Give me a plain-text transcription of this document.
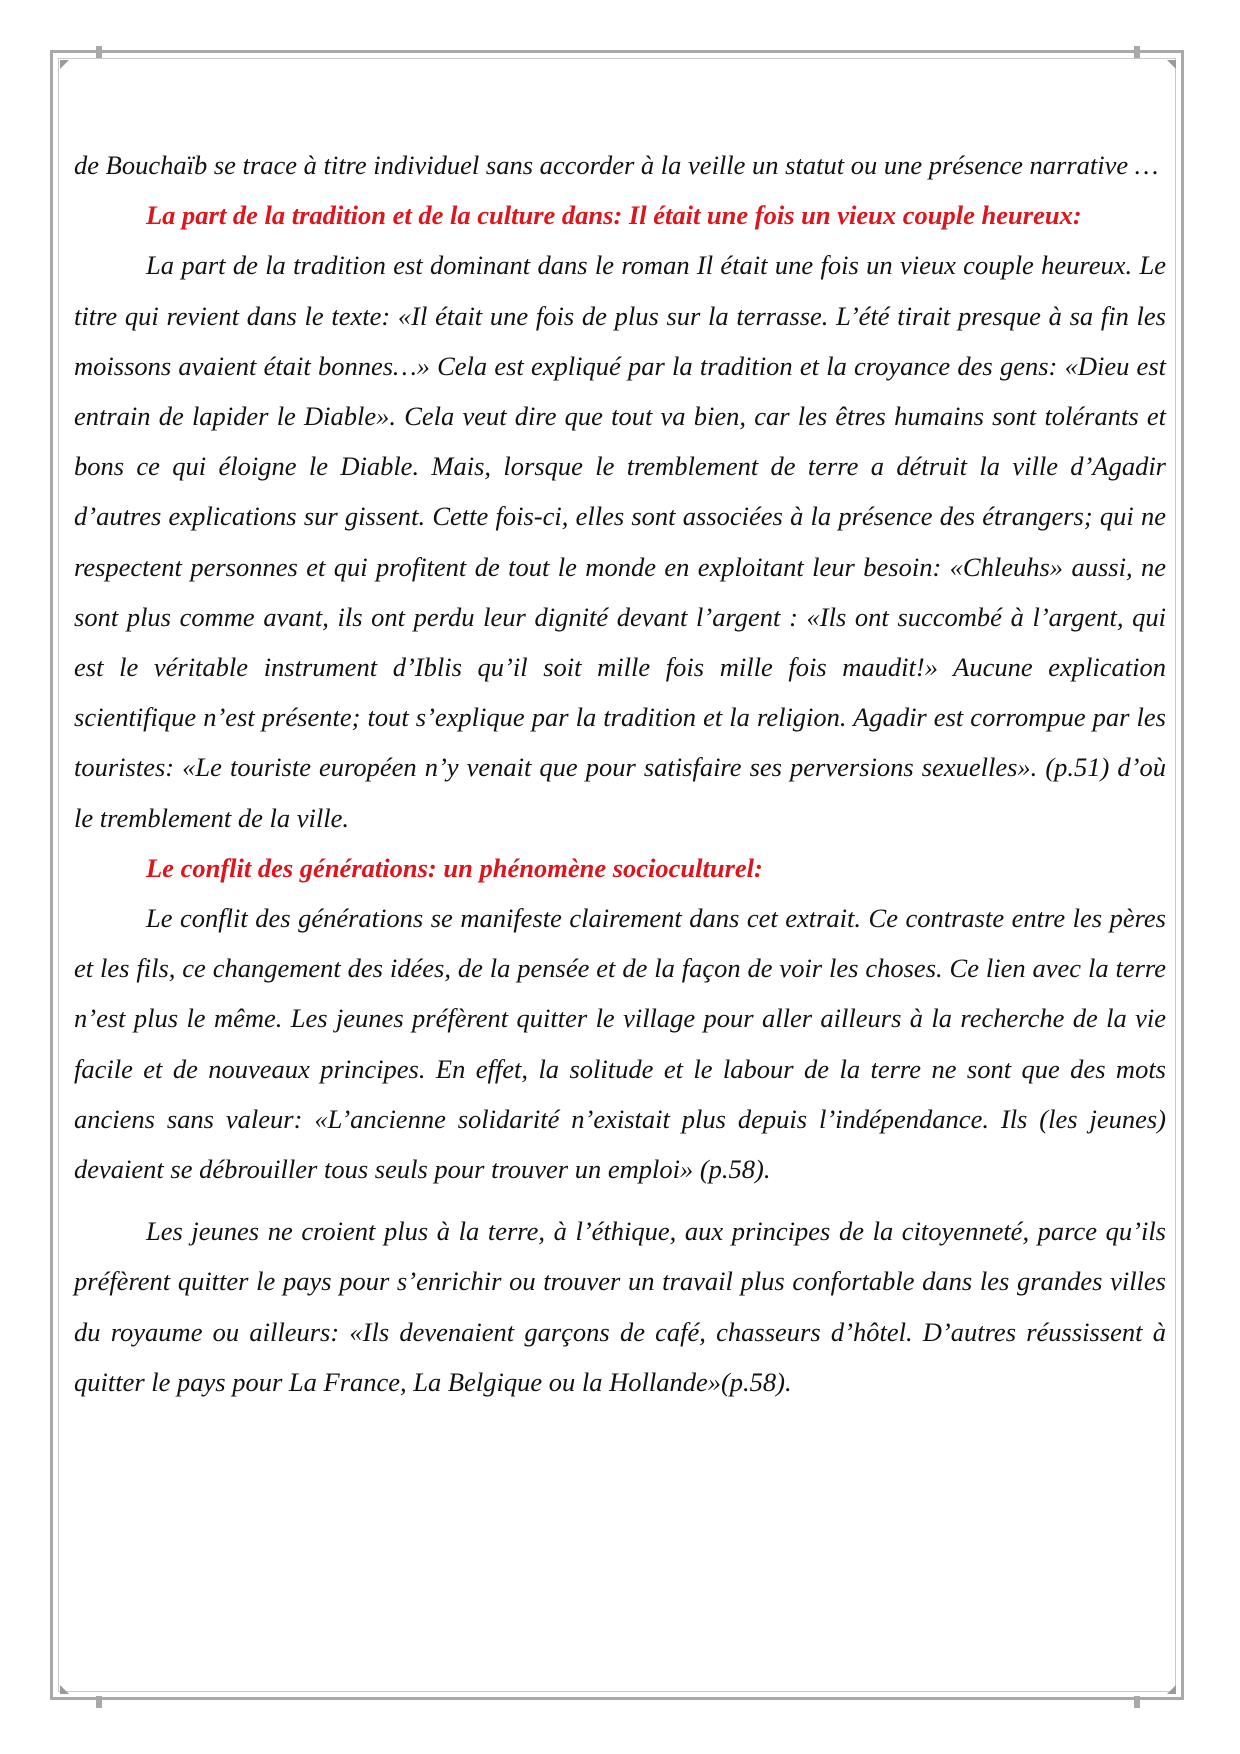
de Bouchaïb se trace à titre individuel sans accorder à la veille un statut ou une présence narrative …

La part de la tradition et de la culture dans: Il était une fois un vieux couple heureux:

La part de la tradition est dominant dans le roman Il était une fois un vieux couple heureux. Le titre qui revient dans le texte: «Il était une fois de plus sur la terrasse. L’été tirait presque à sa fin les moissons avaient était bonnes…» Cela est expliqué par la tradition et la croyance des gens: «Dieu est entrain de lapider le Diable». Cela veut dire que tout va bien, car les êtres humains sont tolérants et bons ce qui éloigne le Diable. Mais, lorsque le tremblement de terre a détruit la ville d’Agadir d’autres explications sur gissent. Cette fois-ci, elles sont associées à la présence des étrangers; qui ne respectent personnes et qui profitent de tout le monde en exploitant leur besoin: «Chleuhs» aussi, ne sont plus comme avant, ils ont perdu leur dignité devant l’argent : «Ils ont succombé à l’argent, qui est le véritable instrument d’Iblis qu’il soit mille fois mille fois maudit!» Aucune explication scientifique n’est présente; tout s’explique par la tradition et la religion. Agadir est corrompue par les touristes: «Le touriste européen n’y venait que pour satisfaire ses perversions sexuelles». (p.51) d’où le tremblement de la ville.

Le conflit des générations: un phénomène socioculturel:

Le conflit des générations se manifeste clairement dans cet extrait. Ce contraste entre les pères et les fils, ce changement des idées, de la pensée et de la façon de voir les choses. Ce lien avec la terre n’est plus le même. Les jeunes préfèrent quitter le village pour aller ailleurs à la recherche de la vie facile et de nouveaux principes. En effet, la solitude et le labour de la terre ne sont que des mots anciens sans valeur: «L’ancienne solidarité n’existait plus depuis l’indépendance. Ils (les jeunes) devaient se débrouiller tous seuls pour trouver un emploi» (p.58).

Les jeunes ne croient plus à la terre, à l’éthique, aux principes de la citoyenneté, parce qu’ils préfèrent quitter le pays pour s’enrichir ou trouver un travail plus confortable dans les grandes villes du royaume ou ailleurs: «Ils devenaient garçons de café, chasseurs d’hôtel. D’autres réussissent à quitter le pays pour La France, La Belgique ou la Hollande»(p.58).
